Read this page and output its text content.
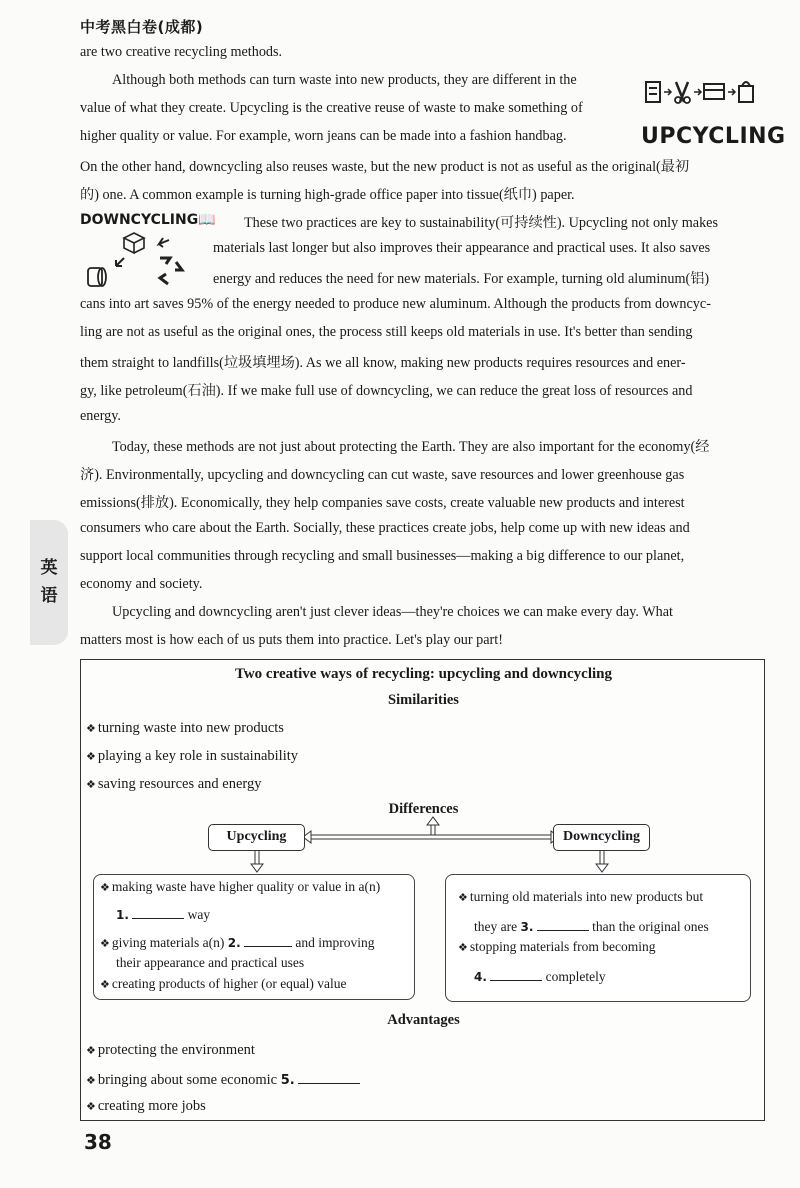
中考黑白卷(成都)
英
语
UPCYCLING
DOWNCYCLING📖
are two creative recycling methods.
Although both methods can turn waste into new products, they are different in the
value of what they create. Upcycling is the creative reuse of waste to make something of
higher quality or value. For example, worn jeans can be made into a fashion handbag.
On the other hand, downcycling also reuses waste, but the new product is not as useful as the original(最初
的) one. A common example is turning high-grade office paper into tissue(纸巾) paper.
These two practices are key to sustainability(可持续性). Upcycling not only makes
materials last longer but also improves their appearance and practical uses. It also saves
energy and reduces the need for new materials. For example, turning old aluminum(铝)
cans into art saves 95% of the energy needed to produce new aluminum. Although the products from downcyc-
ling are not as useful as the original ones, the process still keeps old materials in use. It's better than sending
them straight to landfills(垃圾填埋场). As we all know, making new products requires resources and ener-
gy, like petroleum(石油). If we make full use of downcycling, we can reduce the great loss of resources and
energy.
Today, these methods are not just about protecting the Earth. They are also important for the economy(经
济). Environmentally, upcycling and downcycling can cut waste, save resources and lower greenhouse gas
emissions(排放). Economically, they help companies save costs, create valuable new products and interest
consumers who care about the Earth. Socially, these practices create jobs, help come up with new ideas and
support local communities through recycling and small businesses—making a big difference to our planet,
economy and society.
Upcycling and downcycling aren't just clever ideas—they're choices we can make every day. What
matters most is how each of us puts them into practice. Let's play our part!
Two creative ways of recycling: upcycling and downcycling
Similarities
❖ turning waste into new products
❖ playing a key role in sustainability
❖ saving resources and energy
Differences
Upcycling	Downcycling
❖ making waste have higher quality or value in a(n)
1.	way
❖ giving materials a(n) 2.	and improving
their appearance and practical uses
❖ creating products of higher (or equal) value
❖ turning old materials into new products but
they are 3.	than the original ones
❖ stopping materials from becoming
4.	completely
Advantages
❖ protecting the environment
❖ bringing about some economic 5.
❖ creating more jobs
38
